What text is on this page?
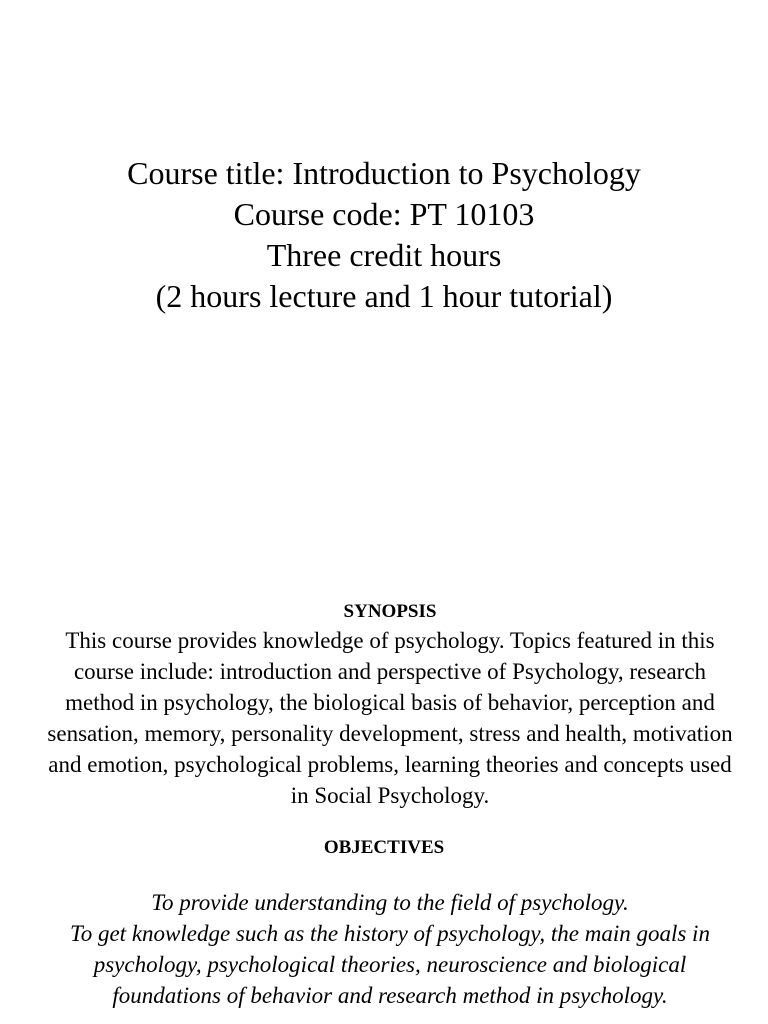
Course title: Introduction to Psychology
Course code: PT 10103
Three credit hours
(2 hours lecture and 1 hour tutorial)
SYNOPSIS
This course provides knowledge of psychology. Topics featured in this course include: introduction and perspective of Psychology, research method in psychology, the biological basis of behavior, perception and sensation, memory, personality development, stress and health, motivation and emotion, psychological problems, learning theories and concepts used in Social Psychology.
OBJECTIVES
To provide understanding to the field of psychology.
To get knowledge such as the history of psychology, the main goals in psychology, psychological theories, neuroscience and biological foundations of behavior and research method in psychology.
